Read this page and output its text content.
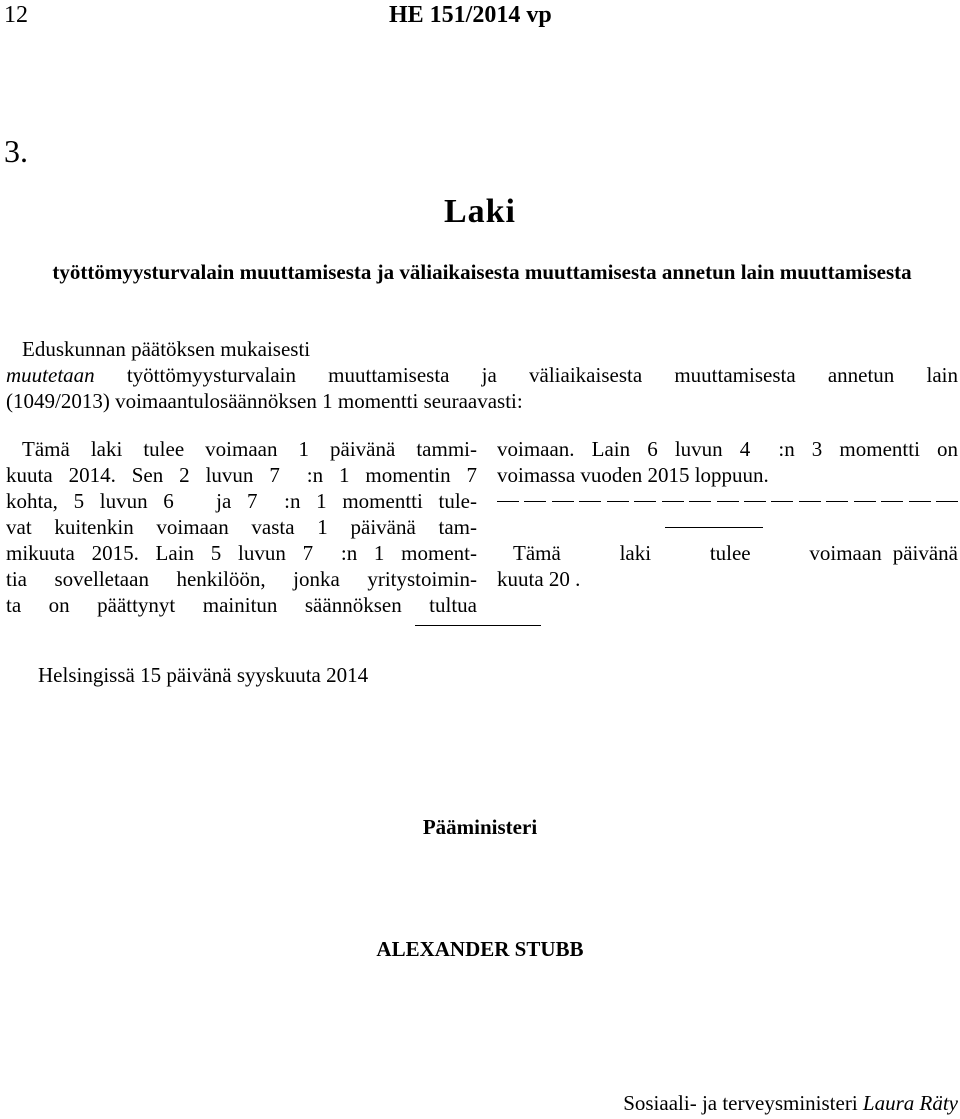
12	HE 151/2014 vp
3.
Laki
työttömyysturvalain muuttamisesta ja väliaikaisesta muuttamisesta annetun lain muuttamisesta

Eduskunnan päätöksen mukaisesti

muutetaan työttömyysturvalain muuttamisesta ja väliaikaisesta muuttamisesta annetun lain

(1049/2013) voimaantulosäännöksen 1 momentti seuraavasti:

Tämä laki tulee voimaan 1 päivänä tammi-
kuuta 2014. Sen 2 luvun 7 :n 1 momentin 7
kohta, 5 luvun 6  ja 7 :n 1 momentti tule-
vat kuitenkin voimaan vasta 1 päivänä tam-
mikuuta 2015. Lain 5 luvun 7 :n 1 moment-
tia sovelletaan henkilöön, jonka yritystoimin-
ta on päättynyt mainitun säännöksen tultua
voimaan. Lain 6 luvun 4 :n 3 momentti on
voimassa vuoden 2015 loppuun.
Tämä laki tulee voimaan päivänä
kuuta 20 .
Helsingissä 15 päivänä syyskuuta 2014
Pääministeri
ALEXANDER STUBB
Sosiaali- ja terveysministeri Laura Räty
